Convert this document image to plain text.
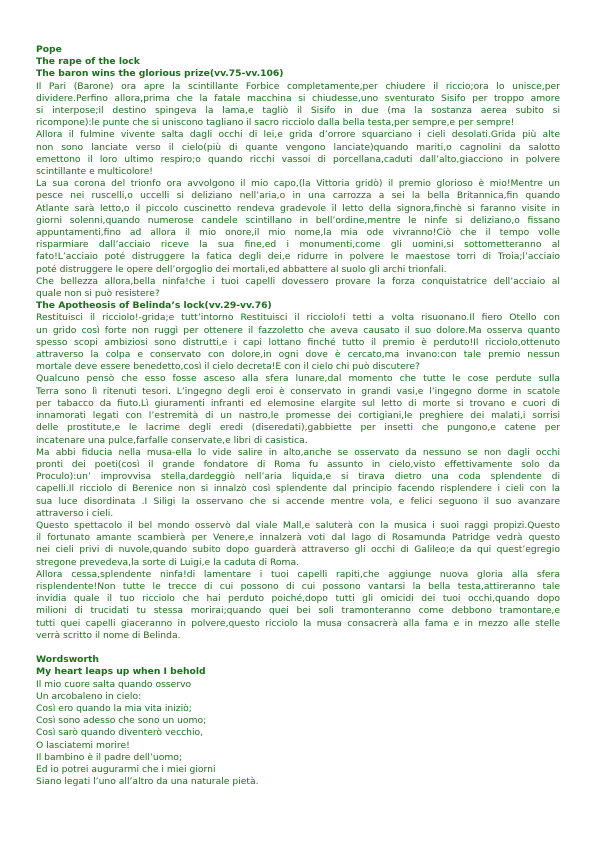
Pope

The rape of the lock

The baron wins the glorious prize(vv.75-vv.106)

Il Pari (Barone) ora apre la scintillante Forbice completamente,per chiudere il riccio;ora lo unisce,per

dividere.Perfino allora,prima che la fatale macchina si chiudesse,uno sventurato Sisifo per troppo amore

si interpose;il destino spingeva la lama,e tagliò il Sisifo in due (ma la sostanza aerea subito si

ricompone):le punte che si uniscono tagliano il sacro ricciolo dalla bella testa,per sempre,e per sempre!

Allora il fulmine vivente salta dagli occhi di lei,e grida d’orrore squarciano i cieli desolati.Grida più alte

non sono lanciate verso il cielo(più di quante vengono lanciate)quando mariti,o cagnolini da salotto

emettono il loro ultimo respiro;o quando ricchi vassoi di porcellana,caduti dall’alto,giacciono in polvere

scintillante e multicolore!

La sua corona del trionfo ora avvolgono il mio capo,(la Vittoria gridò) il premio glorioso è mio!Mentre un

pesce nei ruscelli,o uccelli si deliziano nell’aria,o in una carrozza a sei la bella Britannica,fin quando

Atlante sarà letto,o il piccolo cuscinetto rendeva gradevole il letto della signora,finchè si faranno visite in

giorni solenni,quando numerose candele scintillano in bell’ordine,mentre le ninfe si deliziano,o fissano

appuntamenti,fino ad allora il mio onore,il mio nome,la mia ode vivranno!Ciò che il tempo volle

risparmiare dall’acciaio riceve la sua fine,ed i monumenti,come gli uomini,si sottometteranno al

fato!L’acciaio poté distruggere la fatica degli dei,e ridurre in polvere le maestose torri di Troia;l’acciaio

poté distruggere le opere dell’orgoglio dei mortali,ed abbattere al suolo gli archi trionfali.

Che bellezza allora,bella ninfa!che i tuoi capelli dovessero provare la forza conquistatrice dell’acciaio al

quale non si può resistere?

The Apotheosis of Belinda’s lock(vv.29-vv.76)

Restituisci il ricciolo!-grida;e tutt’intorno Restituisci il ricciolo!i tetti a volta risuonano.Il fiero Otello con

un grido così forte non ruggì per ottenere il fazzoletto che aveva causato il suo dolore.Ma osserva quanto

spesso scopi ambiziosi sono distrutti,e i capi lottano finché tutto il premio è perduto!Il ricciolo,ottenuto

attraverso la colpa e conservato con dolore,in ogni dove è cercato,ma invano:con tale premio nessun

mortale deve essere benedetto,così il cielo decreta!E con il cielo chi può discutere?

Qualcuno pensò che esso fosse asceso alla sfera lunare,dal momento che tutte le cose perdute sulla

Terra sono lì ritenuti tesori. L’ingegno degli eroi è conservato in grandi vasi,e l’ingegno dorme in scatole

per tabacco da fiuto.Lì giuramenti infranti ed elemosine elargite sul letto di morte si trovano e cuori di

innamorati legati con l’estremità di un nastro,le promesse dei cortigiani,le preghiere dei malati,i sorrisi

delle prostitute,e le lacrime degli eredi (diseredati),gabbiette per insetti che pungono,e catene per

incatenare una pulce,farfalle conservate,e libri di casistica.

Ma abbi fiducia nella musa-ella lo vide salire in alto,anche se osservato da nessuno se non dagli occhi

pronti dei poeti(così il grande fondatore di Roma fu assunto in cielo,visto effettivamente solo da

Proculo):un’ improvvisa stella,dardeggiò nell’aria liquida,e si tirava dietro una coda splendente di

capelli.Il ricciolo di Berenice non si innalzò così splendente dal principio facendo risplendere i cieli con la

sua luce disordinata .I Siligi la osservano che si accende mentre vola, e felici seguono il suo avanzare

attraverso i cieli.

Questo spettacolo il bel mondo osservò dal viale Mall,e saluterà con la musica i suoi raggi propizi.Questo

il fortunato amante scambierà per Venere,e innalzerà voti dal lago di Rosamunda Patridge vedrà questo

nei cieli privi di nuvole,quando subito dopo guarderà attraverso gli occhi di Galileo;e da qui quest’egregio

stregone prevedeva,la sorte di Luigi,e la caduta di Roma.

Allora cessa,splendente ninfa!di lamentare i tuoi capelli rapiti,che aggiunge nuova gloria alla sfera

risplendente!Non tutte le trecce di cui possono di cui possono vantarsi la bella testa,attireranno tale

invidia quale il tuo ricciolo che hai perduto poiché,dopo tutti gli omicidi dei tuoi occhi,quando dopo

milioni di trucidati tu stessa morirai;quando quei bei soli tramonteranno come debbono tramontare,e

tutti quei capelli giaceranno in polvere,questo ricciolo la musa consacrerà alla fama e in mezzo alle stelle

verrà scritto il nome di Belinda.

Wordsworth

My heart leaps up when I behold

Il mio cuore salta quando osservo

Un arcobaleno in cielo:

Così ero quando la mia vita iniziò;

Così sono adesso che sono un uomo;

Così sarò quando diventerò vecchio,

O lasciatemi morire!

Il bambino è il padre dell’uomo;

Ed io potrei augurarmi che i miei giorni

Siano legati l’uno all’altro da una naturale pietà.
